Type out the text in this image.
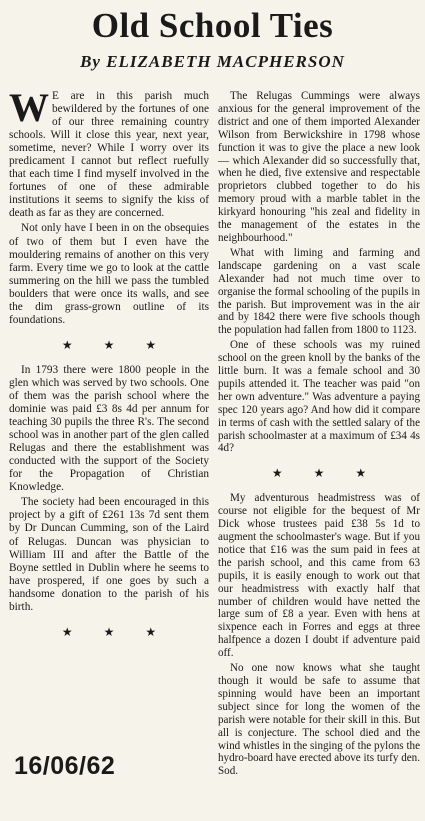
Old School Ties
By ELIZABETH MACPHERSON

W E are in this parish much bewildered by the fortunes of one of our three remaining country schools. Will it close this year, next year, sometime, never? While I worry over its predicament I cannot but reflect ruefully that each time I find myself involved in the fortunes of one of these admirable institutions it seems to signify the kiss of death as far as they are concerned.

Not only have I been in on the obsequies of two of them but I even have the mouldering remains of another on this very farm. Every time we go to look at the cattle summering on the hill we pass the tumbled boulders that were once its walls, and see the dim grass-grown outline of its foundations.

★ ★ ★

In 1793 there were 1800 people in the glen which was served by two schools. One of them was the parish school where the dominie was paid £3 8s 4d per annum for teaching 30 pupils the three R's. The second school was in another part of the glen called Relugas and there the establishment was conducted with the support of the Society for the Propagation of Christian Knowledge.

The society had been encouraged in this project by a gift of £261 13s 7d sent them by Dr Duncan Cumming, son of the Laird of Relugas. Duncan was physician to William III and after the Battle of the Boyne settled in Dublin where he seems to have prospered, if one goes by such a handsome donation to the parish of his birth.

★ ★ ★

The Relugas Cummings were always anxious for the general improvement of the district and one of them imported Alexander Wilson from Berwickshire in 1798 whose function it was to give the place a new look — which Alexander did so successfully that, when he died, five extensive and respectable proprietors clubbed together to do his memory proud with a marble tablet in the kirkyard honouring "his zeal and fidelity in the management of the estates in the neighbourhood."

What with liming and farming and landscape gardening on a vast scale Alexander had not much time over to organise the formal schooling of the pupils in the parish. But improvement was in the air and by 1842 there were five schools though the population had fallen from 1800 to 1123.

One of these schools was my ruined school on the green knoll by the banks of the little burn. It was a female school and 30 pupils attended it. The teacher was paid "on her own adventure." Was adventure a paying spec 120 years ago? And how did it compare in terms of cash with the settled salary of the parish schoolmaster at a maximum of £34 4s 4d?

★ ★ ★

My adventurous headmistress was of course not eligible for the bequest of Mr Dick whose trustees paid £38 5s 1d to augment the schoolmaster's wage. But if you notice that £16 was the sum paid in fees at the parish school, and this came from 63 pupils, it is easily enough to work out that our headmistress with exactly half that number of children would have netted the large sum of £8 a year. Even with hens at sixpence each in Forres and eggs at three halfpence a dozen I doubt if adventure paid off.

No one now knows what she taught though it would be safe to assume that spinning would have been an important subject since for long the women of the parish were notable for their skill in this. But all is conjecture. The school died and the wind whistles in the singing of the pylons the hydro-board have erected above its turfy den. Sod.

16/06/62
